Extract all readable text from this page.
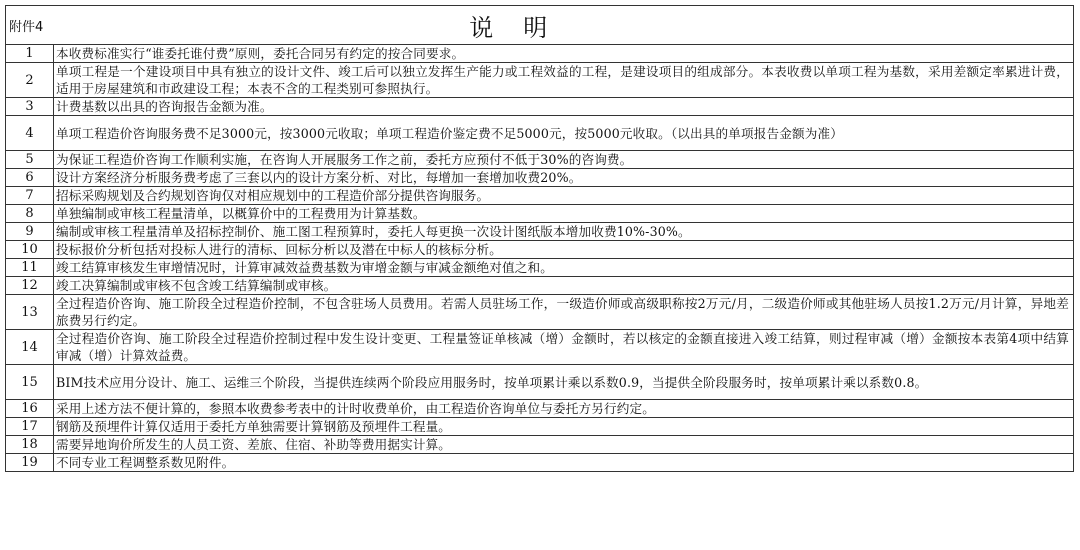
附件4	说明

1	本收费标准实行“谁委托谁付费”原则，委托合同另有约定的按合同要求。
2	单项工程是一个建设项目中具有独立的设计文件、竣工后可以独立发挥生产能力或工程效益的工程，是建设项目的组成部分。本表收费以单项工程为基数，采用差额定率累进计费，适用于房屋建筑和市政建设工程；本表不含的工程类别可参照执行。
3	计费基数以出具的咨询报告金额为准。
4	单项工程造价咨询服务费不足3000元，按3000元收取；单项工程造价鉴定费不足5000元，按5000元收取。（以出具的单项报告金额为准）
5	为保证工程造价咨询工作顺利实施，在咨询人开展服务工作之前，委托方应预付不低于30%的咨询费。
6	设计方案经济分析服务费考虑了三套以内的设计方案分析、对比，每增加一套增加收费20%。
7	招标采购规划及合约规划咨询仅对相应规划中的工程造价部分提供咨询服务。
8	单独编制或审核工程量清单，以概算价中的工程费用为计算基数。
9	编制或审核工程量清单及招标控制价、施工图工程预算时，委托人每更换一次设计图纸版本增加收费10%-30%。
10	投标报价分析包括对投标人进行的清标、回标分析以及潜在中标人的核标分析。
11	竣工结算审核发生审增情况时，计算审减效益费基数为审增金额与审减金额绝对值之和。
12	竣工决算编制或审核不包含竣工结算编制或审核。
13	全过程造价咨询、施工阶段全过程造价控制，不包含驻场人员费用。若需人员驻场工作，一级造价师或高级职称按2万元/月，二级造价师或其他驻场人员按1.2万元/月计算，异地差旅费另行约定。
14	全过程造价咨询、施工阶段全过程造价控制过程中发生设计变更、工程量签证单核减（增）金额时，若以核定的金额直接进入竣工结算，则过程审减（增）金额按本表第4项中结算审减（增）计算效益费。
15	BIM技术应用分设计、施工、运维三个阶段，当提供连续两个阶段应用服务时，按单项累计乘以系数0.9，当提供全阶段服务时，按单项累计乘以系数0.8。
16	采用上述方法不便计算的，参照本收费参考表中的计时收费单价，由工程造价咨询单位与委托方另行约定。
17	钢筋及预埋件计算仅适用于委托方单独需要计算钢筋及预埋件工程量。
18	需要异地询价所发生的人员工资、差旅、住宿、补助等费用据实计算。
19	不同专业工程调整系数见附件。
